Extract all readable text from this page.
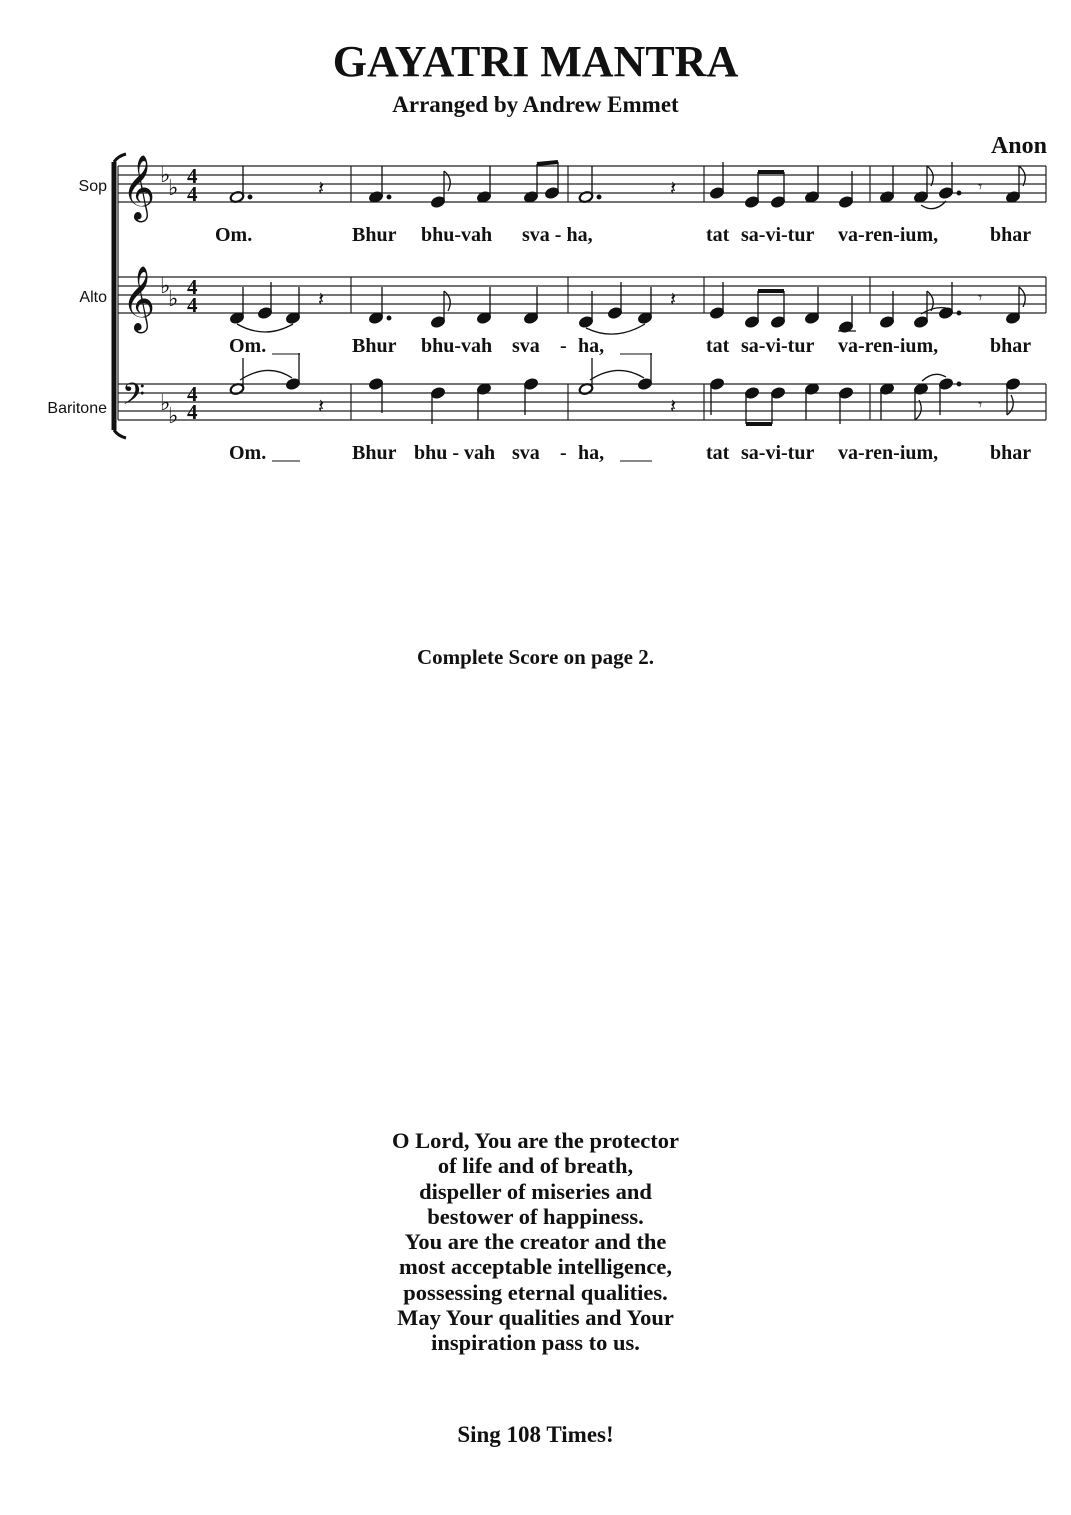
GAYATRI MANTRA
Arranged by Andrew Emmet
Anon
Sop
Alto
Baritone
𝄞
𝄞
𝄢
♭
♭
♭
♭
♭
♭
4
4
4
4
4
4
𝄽	𝄽	𝄾
𝄽	𝄽	𝄾
𝄽	𝄽	𝄾
Om.	Bhur bhu-vah sva - ha,	tat sa-vi-tur va-ren-ium,	bhar
Om.	Bhur bhu-vah sva - ha,	tat sa-vi-tur va-ren-ium,	bhar
Om.	Bhur bhu - vah sva - ha,	tat sa-vi-tur va-ren-ium,	bhar
Complete Score on page 2.
O Lord, You are the protector
of life and of breath,
dispeller of miseries and
bestower of happiness.
You are the creator and the
most acceptable intelligence,
possessing eternal qualities.
May Your qualities and Your
inspiration pass to us.
Sing 108 Times!
